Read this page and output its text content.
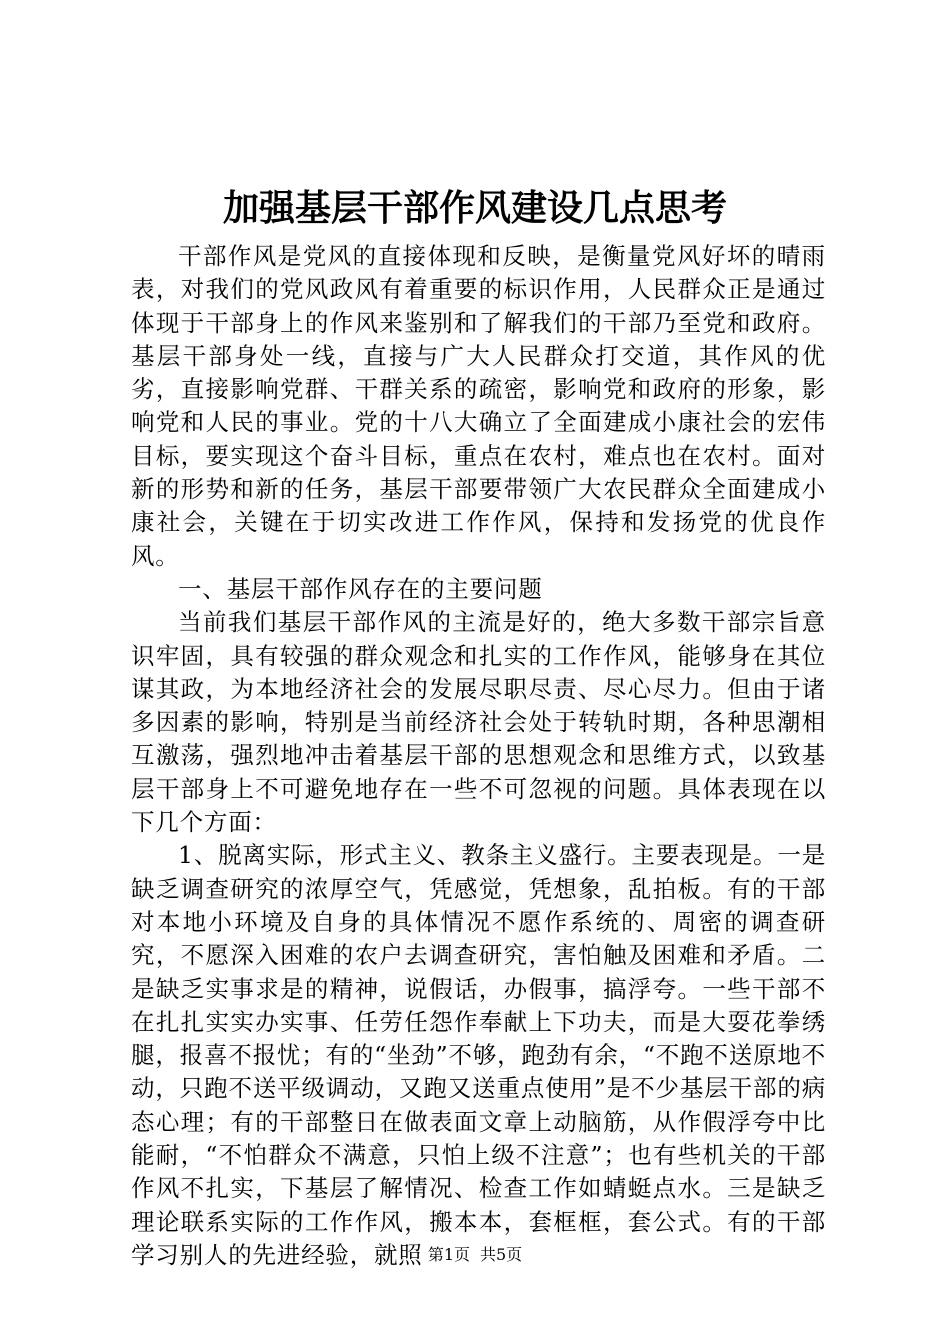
加强基层干部作风建设几点思考

干部作风是党风的直接体现和反映，是衡量党风好坏的晴雨表，对我们的党风政风有着重要的标识作用，人民群众正是通过体现于干部身上的作风来鉴别和了解我们的干部乃至党和政府。基层干部身处一线，直接与广大人民群众打交道，其作风的优劣，直接影响党群、干群关系的疏密，影响党和政府的形象，影响党和人民的事业。党的十八大确立了全面建成小康社会的宏伟目标，要实现这个奋斗目标，重点在农村，难点也在农村。面对新的形势和新的任务，基层干部要带领广大农民群众全面建成小康社会，关键在于切实改进工作作风，保持和发扬党的优良作风。

一、基层干部作风存在的主要问题

当前我们基层干部作风的主流是好的，绝大多数干部宗旨意识牢固，具有较强的群众观念和扎实的工作作风，能够身在其位谋其政，为本地经济社会的发展尽职尽责、尽心尽力。但由于诸多因素的影响，特别是当前经济社会处于转轨时期，各种思潮相互激荡，强烈地冲击着基层干部的思想观念和思维方式，以致基层干部身上不可避免地存在一些不可忽视的问题。具体表现在以下几个方面：

1、脱离实际，形式主义、教条主义盛行。主要表现是。一是缺乏调查研究的浓厚空气，凭感觉，凭想象，乱拍板。有的干部对本地小环境及自身的具体情况不愿作系统的、周密的调查研究，不愿深入困难的农户去调查研究，害怕触及困难和矛盾。二是缺乏实事求是的精神，说假话，办假事，搞浮夸。一些干部不在扎扎实实办实事、任劳任怨作奉献上下功夫，而是大耍花拳绣腿，报喜不报忧；有的“坐劲”不够，跑劲有余，“不跑不送原地不动，只跑不送平级调动，又跑又送重点使用”是不少基层干部的病态心理；有的干部整日在做表面文章上动脑筋，从作假浮夸中比能耐，“不怕群众不满意，只怕上级不注意”；也有些机关的干部作风不扎实，下基层了解情况、检查工作如蜻蜓点水。三是缺乏理论联系实际的工作作风，搬本本，套框框，套公式。有的干部学习别人的先进经验，就照 第1页 共5页
